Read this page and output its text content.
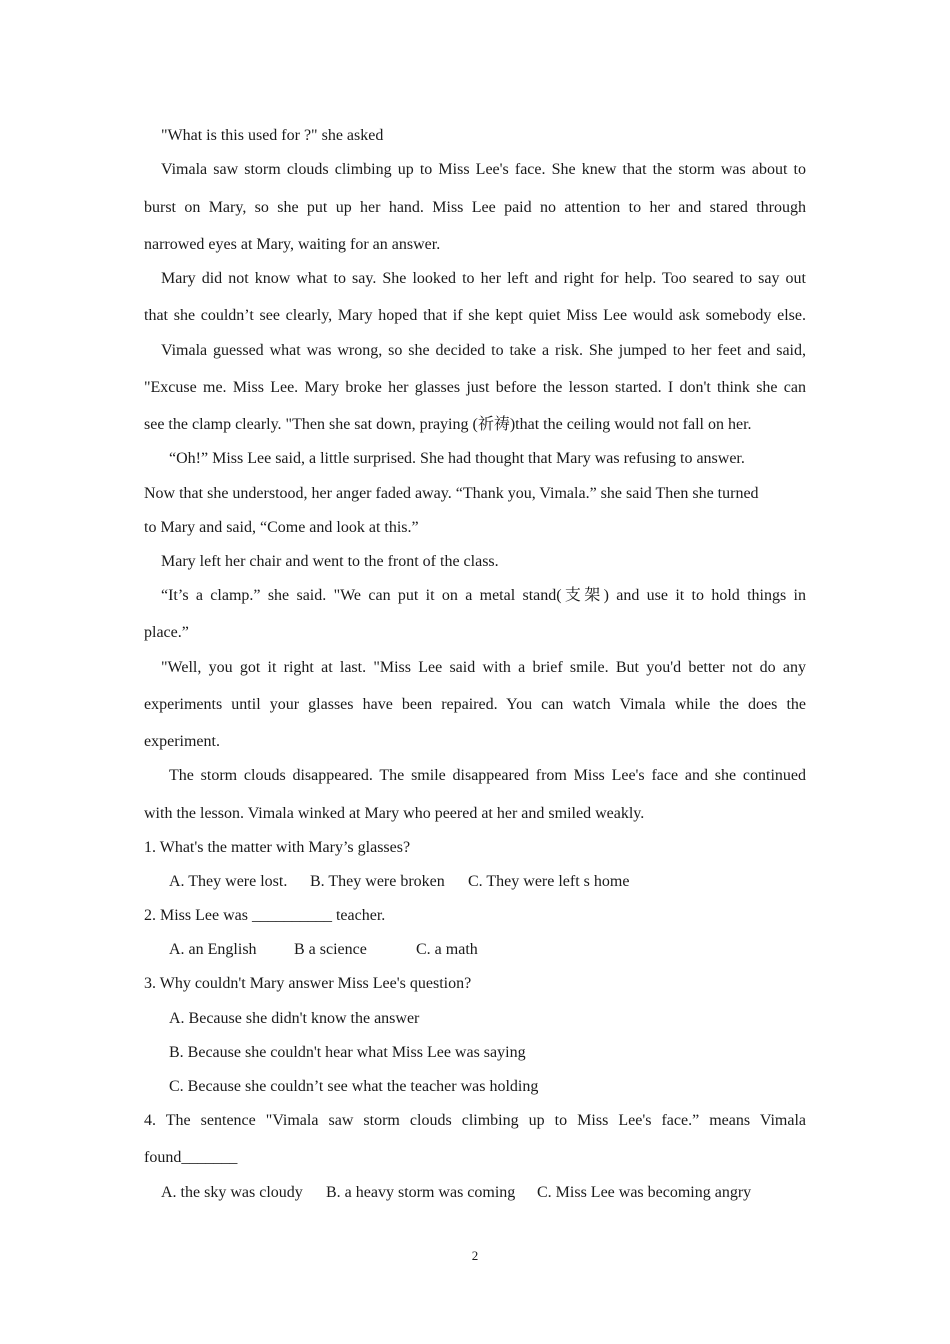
"What is this used for ?" she asked
Vimala saw storm clouds climbing up to Miss Lee's face. She knew that the storm was about to
burst on Mary, so she put up her hand. Miss Lee paid no attention to her and stared through
narrowed eyes at Mary, waiting for an answer.
Mary did not know what to say. She looked to her left and right for help. Too seared to say out
that she couldn’t see clearly, Mary hoped that if she kept quiet Miss Lee would ask somebody else.
Vimala guessed what was wrong, so she decided to take a risk. She jumped to her feet and said,
"Excuse me. Miss Lee. Mary broke her glasses just before the lesson started. I don't think she can
see the clamp clearly. "Then she sat down, praying (祈祷)that the ceiling would not fall on her.
“Oh!” Miss Lee said, a little surprised. She had thought that Mary was refusing to answer.
Now that she understood, her anger faded away. “Thank you, Vimala.” she said Then she turned
to Mary and said, “Come and look at this.”
Mary left her chair and went to the front of the class.
“It’s a clamp.” she said. "We can put it on a metal stand(支架) and use it to hold things in
place.”
"Well, you got it right at last. "Miss Lee said with a brief smile. But you'd better not do any
experiments until your glasses have been repaired. You can watch Vimala while the does the
experiment.
The storm clouds disappeared. The smile disappeared from Miss Lee's face and she continued
with the lesson. Vimala winked at Mary who peered at her and smiled weakly.
1. What's the matter with Mary’s glasses?
A. They were lost. B. They were broken C. They were left s home
2. Miss Lee was __________ teacher.
A. an English B a science	C. a math
3. Why couldn't Mary answer Miss Lee's question?
A. Because she didn't know the answer
B. Because she couldn't hear what Miss Lee was saying
C. Because she couldn’t see what the teacher was holding
4. The sentence "Vimala saw storm clouds climbing up to Miss Lee's face.” means Vimala
found_______
A. the sky was cloudy B. a heavy storm was coming C. Miss Lee was becoming angry
2
